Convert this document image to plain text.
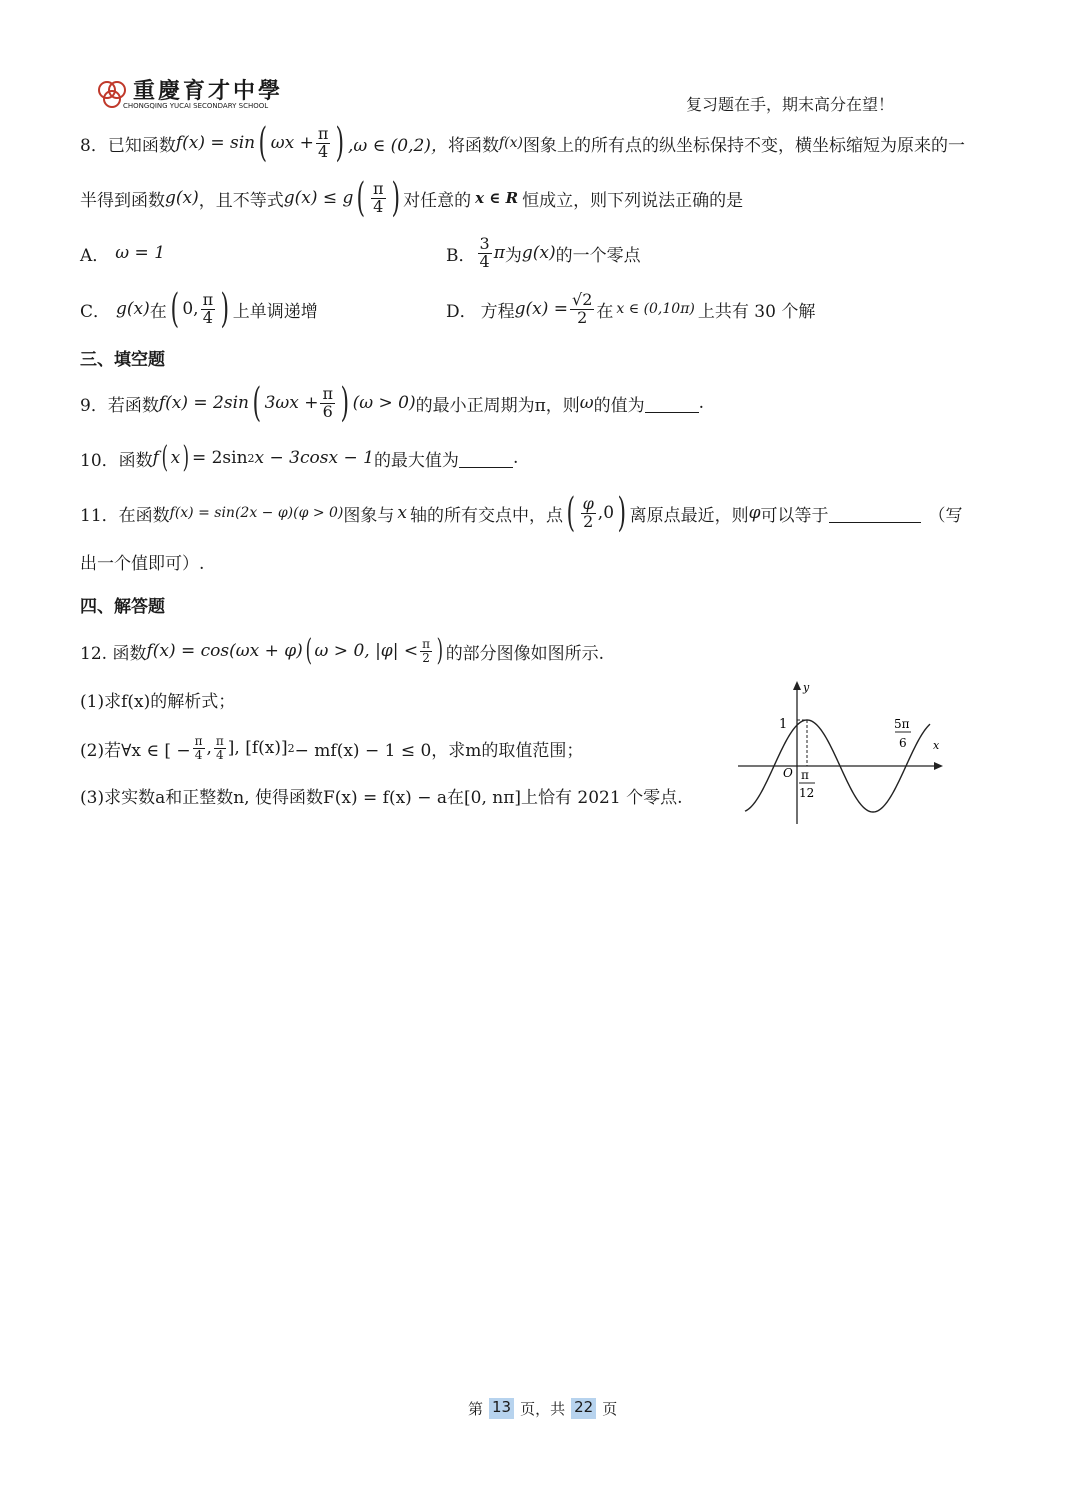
重慶育才中學
CHONGQING YUCAI SECONDARY SCHOOL	复习题在手，期末高分在望！
8．已知函数 f(x) = sin ( $\omega x + \frac{\pi}{4}$ ) ,ω ∈ (0,2)， 将函数 f(x) 图象上的所有点的纵坐标保持不变，横坐标缩短为原来的一
半得到函数 g(x) ，且不等式 g(x) ≤ g ( $\frac{\pi}{4}$ ) 对任意的 x ∈ R 恒成立，则下列说法正确的是
A． ω = 1	B． $\frac{3}{4}$ π 为 g(x) 的一个零点
C． g(x) 在 ( 0, $\frac{\pi}{4}$ ) 上单调递增	D． 方程 $g(x) = \frac{√2}{2}$ 在 x ∈ (0,10π) 上共有 30 个解
三、填空题
9．若函数 f(x) = 2sin ( $3\omega x + \frac{\pi}{6}$ ) (ω > 0) 的最小正周期为π，则 ω 的值为	.
10．函数 f ( x ) = 2sin 2 x − 3cosx − 1 的最大值为	.
11．在函数 f(x) = sin(2x − φ)(φ > 0) 图象与 x 轴的所有交点中，点 ( $\frac{\varphi}{2} ,0$ ) 离原点最近，则 φ 可以等于	（写
出一个值即可）.
四、解答题
12. 函数 f(x) = cos(ωx + φ) ( ω > 0, $|\varphi| < \frac{\pi}{2}$ ) 的部分图像如图所示.
(1)求f(x)的解析式；
(2)若∀x ∈ [ − $\frac{\pi}{4}$ , $\frac{\pi}{4}$ ], [f(x)] 2 − mf(x) − 1 ≤ 0，求m的取值范围；
(3)求实数a和正整数n, 使得函数F(x) = f(x) − a在[0, nπ]上恰有 2021 个零点.
y
x
O
1
π
12
5π
6
第 13 页，共 22 页
